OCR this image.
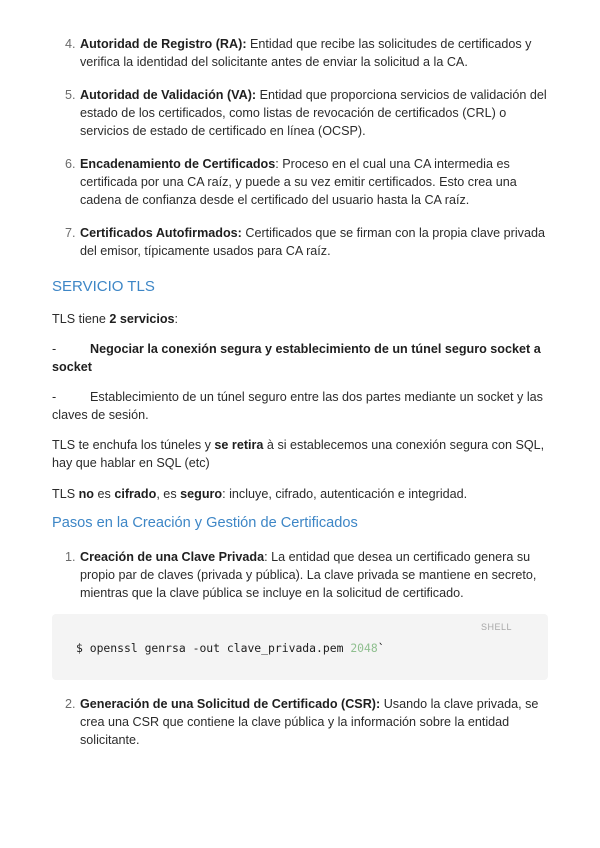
4. Autoridad de Registro (RA): Entidad que recibe las solicitudes de certificados y verifica la identidad del solicitante antes de enviar la solicitud a la CA.
5. Autoridad de Validación (VA): Entidad que proporciona servicios de validación del estado de los certificados, como listas de revocación de certificados (CRL) o servicios de estado de certificado en línea (OCSP).
6. Encadenamiento de Certificados: Proceso en el cual una CA intermedia es certificada por una CA raíz, y puede a su vez emitir certificados. Esto crea una cadena de confianza desde el certificado del usuario hasta la CA raíz.
7. Certificados Autofirmados: Certificados que se firman con la propia clave privada del emisor, típicamente usados para CA raíz.
SERVICIO TLS

TLS tiene 2 servicios:

-	Negociar la conexión segura y establecimiento de un túnel seguro socket a socket

-	Establecimiento de un túnel seguro entre las dos partes mediante un socket y las claves de sesión.

TLS te enchufa los túneles y se retira à si establecemos una conexión segura con SQL, hay que hablar en SQL (etc)

TLS no es cifrado, es seguro: incluye, cifrado, autenticación e integridad.

Pasos en la Creación y Gestión de Certificados
1. Creación de una Clave Privada: La entidad que desea un certificado genera su propio par de claves (privada y pública). La clave privada se mantiene en secreto, mientras que la clave pública se incluye en la solicitud de certificado.
SHELL
$ openssl genrsa -out clave_privada.pem 2048`
2. Generación de una Solicitud de Certificado (CSR): Usando la clave privada, se crea una CSR que contiene la clave pública y la información sobre la entidad solicitante.
